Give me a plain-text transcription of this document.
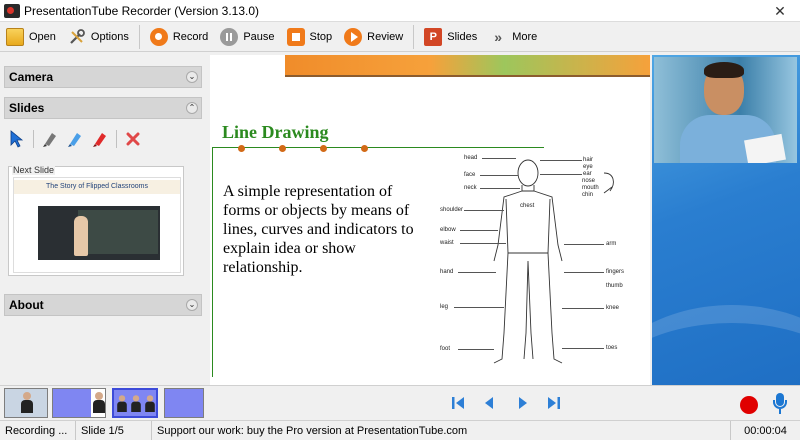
PresentationTube Recorder (Version 3.13.0)	✕
Open	Options	Record	Pause	Stop	Review	P Slides	» More
Camera	⌄
Slides	⌃
Next Slide
The Story of Flipped Classrooms
About	⌄
Line Drawing
A simple representation of forms or objects by means of lines, curves and indicators to explain idea or show relationship.
head
face
neck
shoulder
chest
elbow
waist
hand
leg
foot
hair
eye
ear
nose
mouth
chin
arm
fingers
thumb
knee
toes
Recording ...	Slide 1/5	Support our work: buy the Pro version at PresentationTube.com	00:00:04
